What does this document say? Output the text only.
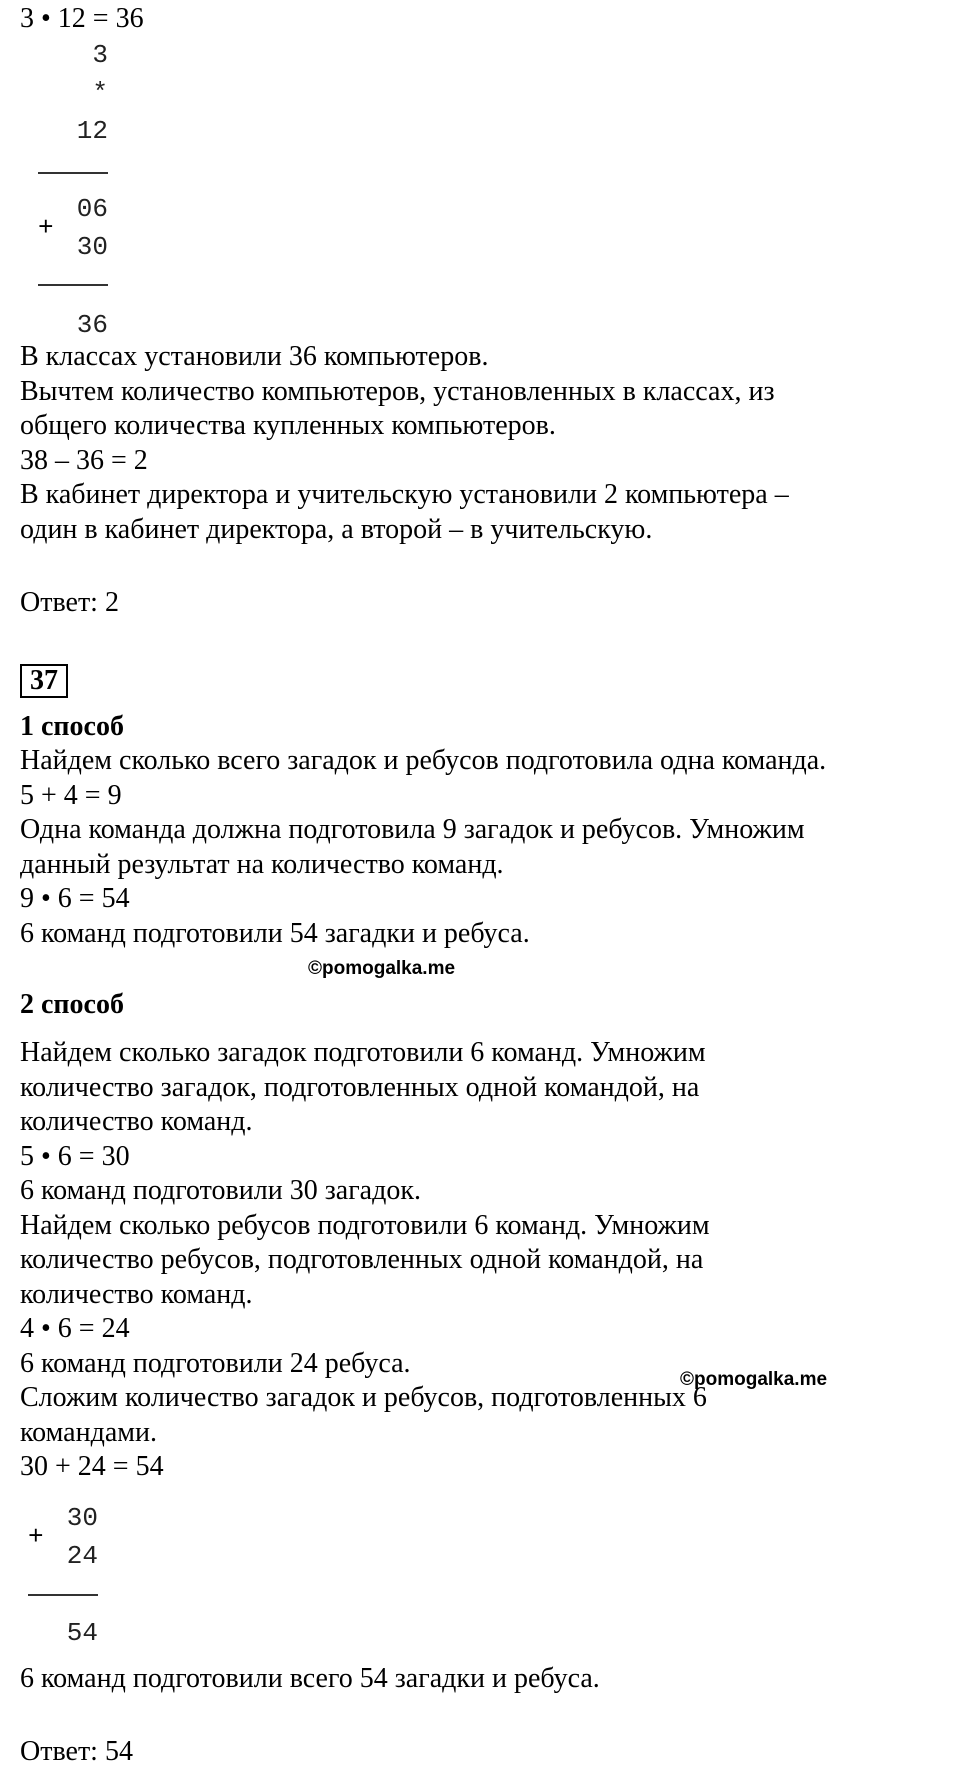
3 • 12 = 36

3
*
12
+
06
30
36

В классах установили 36 компьютеров.

Вычтем количество компьютеров, установленных в классах, из

общего количества купленных компьютеров.

38 – 36 = 2

В кабинет директора и учительскую установили 2 компьютера –

один в кабинет директора, а второй – в учительскую.

Ответ: 2

37

1 способ

Найдем сколько всего загадок и ребусов подготовила одна команда.

5 + 4 = 9

Одна команда должна подготовила 9 загадок и ребусов. Умножим

данный результат на количество команд.

9 • 6 = 54

6 команд подготовили 54 загадки и ребуса.

©pomogalka.me

2 способ

Найдем сколько загадок подготовили 6 команд. Умножим

количество загадок, подготовленных одной командой, на

количество команд.

5 • 6 = 30

6 команд подготовили 30 загадок.

Найдем сколько ребусов подготовили 6 команд. Умножим

количество ребусов, подготовленных одной командой, на

количество команд.

4 • 6 = 24

6 команд подготовили 24 ребуса.

©pomogalka.me

Сложим количество загадок и ребусов, подготовленных 6

командами.

30 + 24 = 54

+
30
24
54

6 команд подготовили всего 54 загадки и ребуса.

Ответ: 54
